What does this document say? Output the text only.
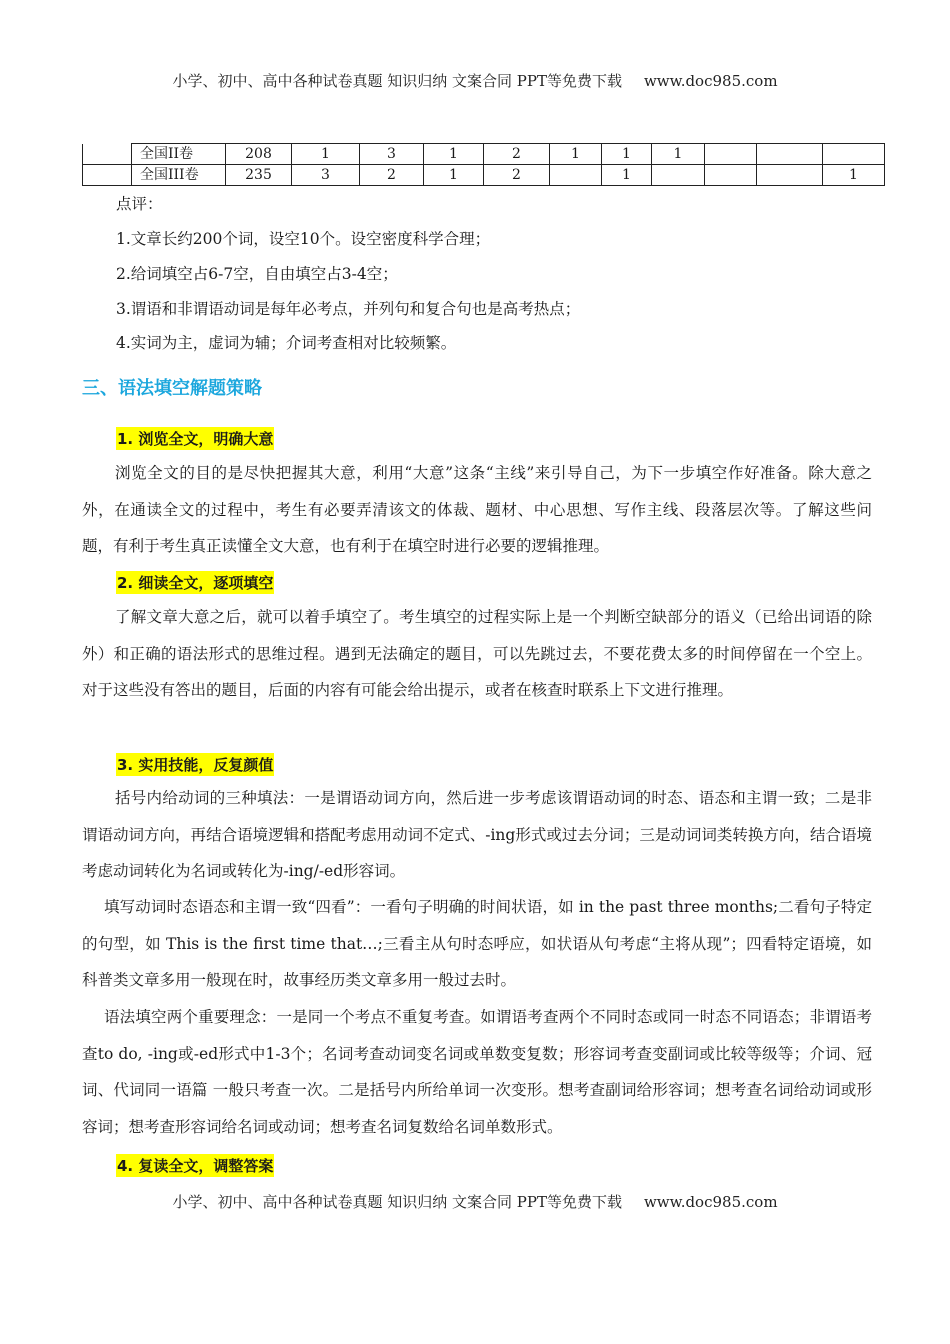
小学、初中、高中各种试卷真题 知识归纳 文案合同 PPT等免费下载 www.doc985.com
	全国II卷	208	1	3	1	2	1	1	1			
	全国III卷	235	3	2	1	2		1				1
点评：
1.文章长约200个词，设空10个。设空密度科学合理；
2.给词填空占6-7空，自由填空占3-4空；
3.谓语和非谓语动词是每年必考点，并列句和复合句也是高考热点；
4.实词为主，虚词为辅；介词考查相对比较频繁。
三、语法填空解题策略
1. 浏览全文，明确大意
浏览全文的目的是尽快把握其大意，利用“大意”这条“主线”来引导自己，为下一步填空作好准备。除大意之外，在通读全文的过程中，考生有必要弄清该文的体裁、题材、中心思想、写作主线、段落层次等。了解这些问题，有利于考生真正读懂全文大意，也有利于在填空时进行必要的逻辑推理。
2. 细读全文，逐项填空
了解文章大意之后，就可以着手填空了。考生填空的过程实际上是一个判断空缺部分的语义（已给出词语的除外）和正确的语法形式的思维过程。遇到无法确定的题目，可以先跳过去，不要花费太多的时间停留在一个空上。对于这些没有答出的题目，后面的内容有可能会给出提示，或者在核查时联系上下文进行推理。
3. 实用技能，反复颜值
括号内给动词的三种填法：一是谓语动词方向，然后进一步考虑该谓语动词的时态、语态和主谓一致；二是非谓语动词方向，再结合语境逻辑和搭配考虑用动词不定式、-ing形式或过去分词；三是动词词类转换方向，结合语境考虑动词转化为名词或转化为-ing/-ed形容词。
填写动词时态语态和主谓一致“四看”：一看句子明确的时间状语，如 in the past three months;二看句子特定的句型，如 This is the first time that…;三看主从句时态呼应，如状语从句考虑“主将从现”；四看特定语境，如科普类文章多用一般现在时，故事经历类文章多用一般过去时。
语法填空两个重要理念：一是同一个考点不重复考查。如谓语考查两个不同时态或同一时态不同语态；非谓语考查to do, -ing或-ed形式中1-3个；名词考查动词变名词或单数变复数；形容词考查变副词或比较等级等；介词、冠词、代词同一语篇 一般只考查一次。二是括号内所给单词一次变形。想考查副词给形容词；想考查名词给动词或形容词；想考查形容词给名词或动词；想考查名词复数给名词单数形式。
4. 复读全文，调整答案
小学、初中、高中各种试卷真题 知识归纳 文案合同 PPT等免费下载 www.doc985.com
